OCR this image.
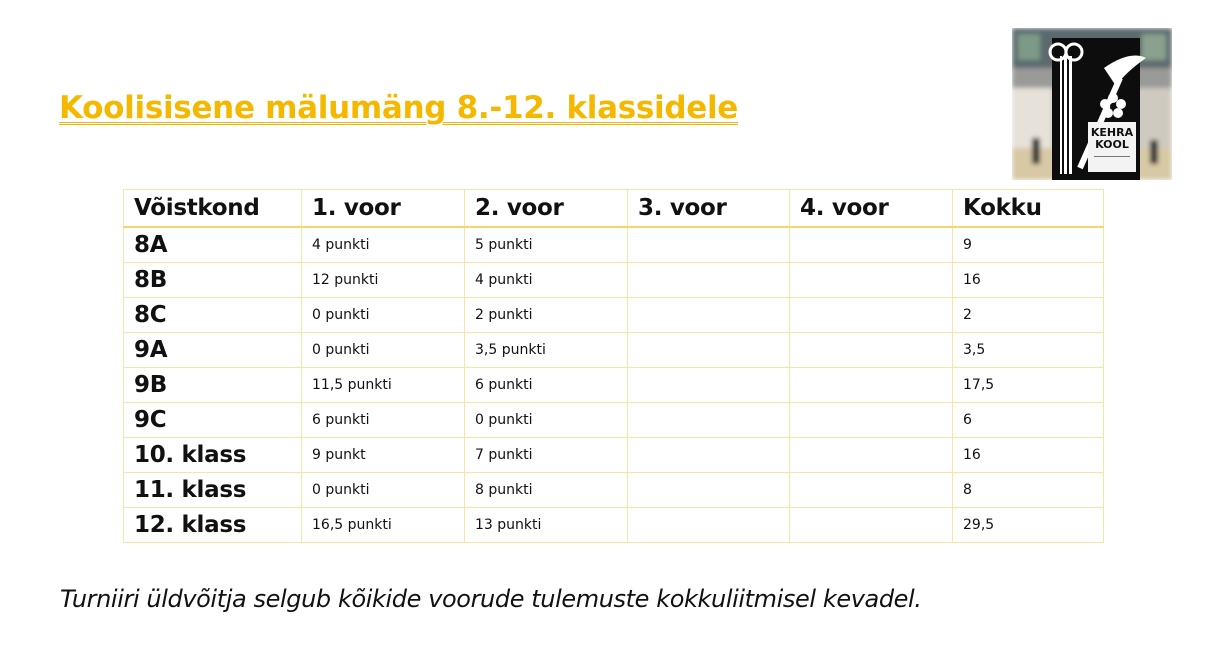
Koolisisene mälumäng 8.-12. klassidele
KEHRA
KOOL
Võistkond	1. voor	2. voor	3. voor	4. voor	Kokku
8A	4 punkti	5 punkti			9
8B	12 punkti	4 punkti			16
8C	0 punkti	2 punkti			2
9A	0 punkti	3,5 punkti			3,5
9B	11,5 punkti	6 punkti			17,5
9C	6 punkti	0 punkti			6
10. klass	9 punkt	7 punkti			16
11. klass	0 punkti	8 punkti			8
12. klass	16,5 punkti	13 punkti			29,5

Turniiri üldvõitja selgub kõikide voorude tulemuste kokkuliitmisel kevadel.
